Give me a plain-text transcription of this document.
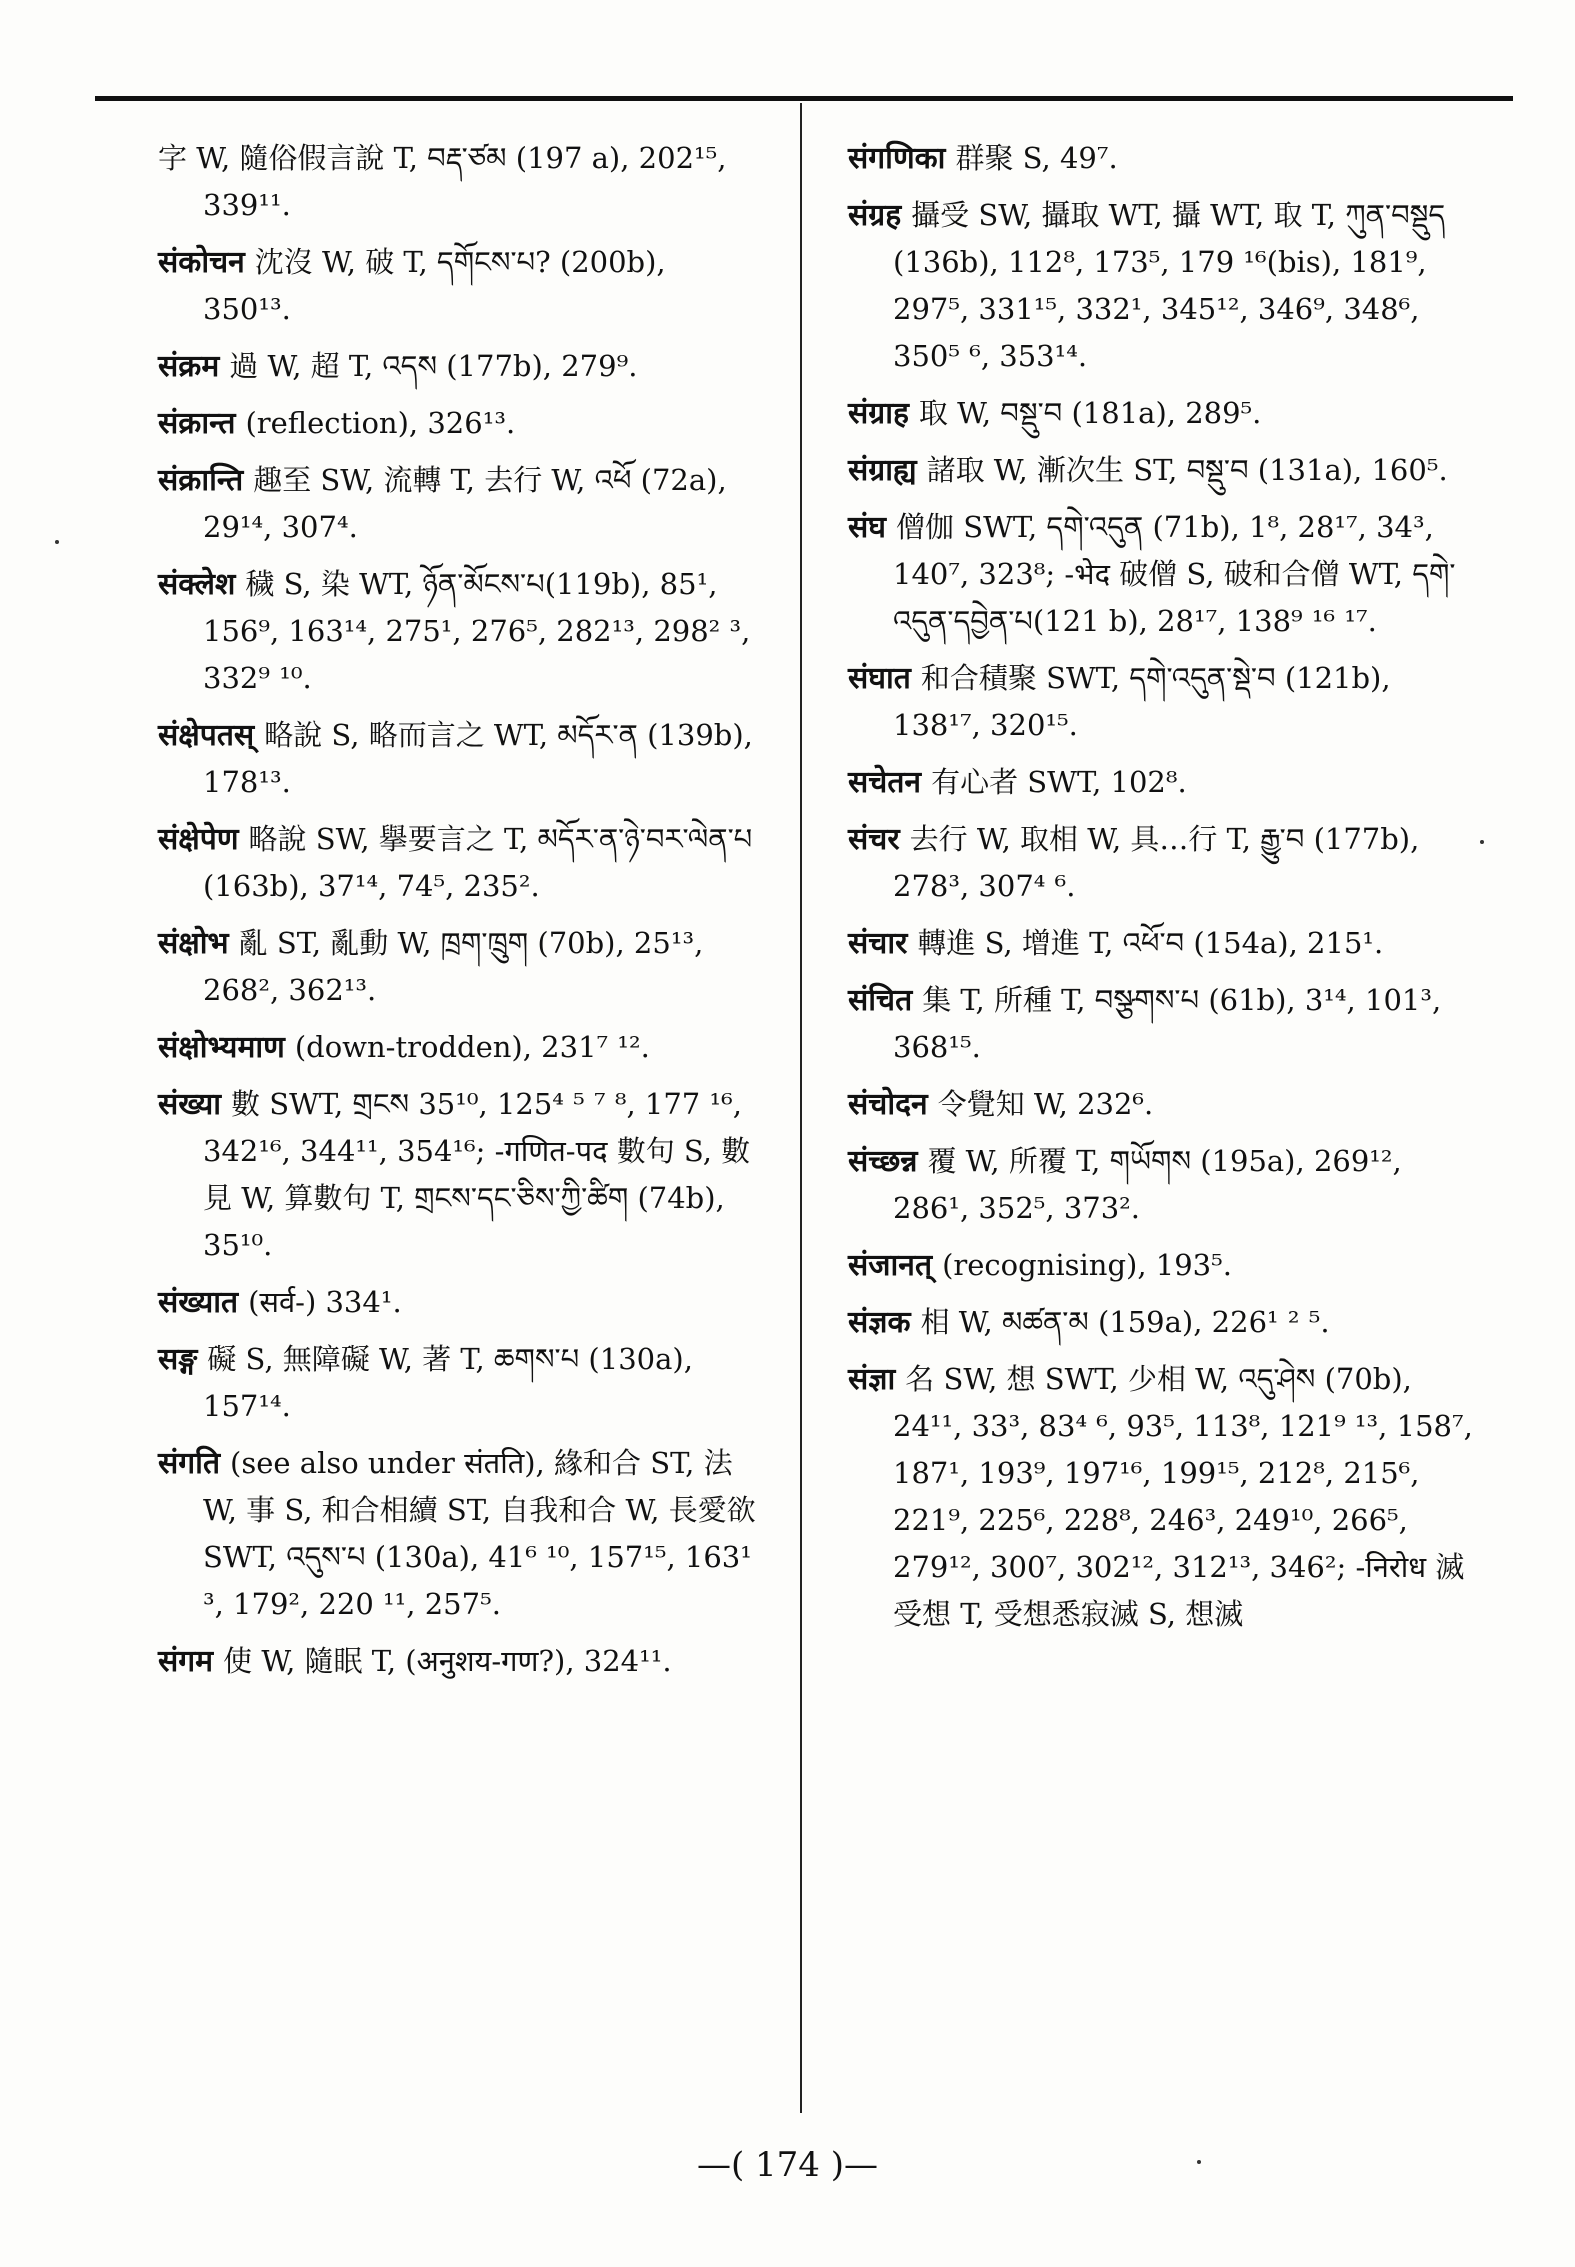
字 W, 隨俗假言說 T, བརྡ་ཙམ (197 a), 202¹⁵, 339¹¹.
संकोचन 沈沒 W, 破 T, དགོངས་པ? (200b), 350¹³.
संक्रम 過 W, 超 T, འདས (177b), 279⁹.
संक्रान्त (reflection), 326¹³.
संक्रान्ति 趣至 SW, 流轉 T, 去行 W, འཕོ (72a), 29¹⁴, 307⁴.
संक्लेश 穢 S, 染 WT, ཉོན་མོངས་པ(119b), 85¹, 156⁹, 163¹⁴, 275¹, 276⁵, 282¹³, 298² ³, 332⁹ ¹⁰.
संक्षेपतस् 略說 S, 略而言之 WT, མདོར་ན (139b), 178¹³.
संक्षेपेण 略說 SW, 擧要言之 T, མདོར་ན་ཉེ་བར་ལེན་པ (163b), 37¹⁴, 74⁵, 235².
संक्षोभ 亂 ST, 亂動 W, ཁྲག་ཁྲུག (70b), 25¹³, 268², 362¹³.
संक्षोभ्यमाण (down-trodden), 231⁷ ¹².
संख्या 數 SWT, གྲངས 35¹⁰, 125⁴ ⁵ ⁷ ⁸, 177 ¹⁶, 342¹⁶, 344¹¹, 354¹⁶; -गणित-पद 數句 S, 數見 W, 算數句 T, གྲངས་དང་ཅིས་ཀྱི་ཚིག (74b), 35¹⁰.
संख्यात (सर्व-) 334¹.
सङ्ग 礙 S, 無障礙 W, 著 T, ཆགས་པ (130a), 157¹⁴.
संगति (see also under संतति), 緣和合 ST, 法 W, 事 S, 和合相續 ST, 自我和合 W, 長愛欲 SWT, འདུས་པ (130a), 41⁶ ¹⁰, 157¹⁵, 163¹ ³, 179², 220 ¹¹, 257⁵.
संगम 使 W, 隨眠 T, (अनुशय-गण?), 324¹¹.
संगणिका 群聚 S, 49⁷.
संग्रह 攝受 SW, 攝取 WT, 攝 WT, 取 T, ཀུན་བསྡུད (136b), 112⁸, 173⁵, 179 ¹⁶(bis), 181⁹, 297⁵, 331¹⁵, 332¹, 345¹², 346⁹, 348⁶, 350⁵ ⁶, 353¹⁴.
संग्राह 取 W, བསྡུ་བ (181a), 289⁵.
संग्राह्य 諸取 W, 漸次生 ST, བསྡུ་བ (131a), 160⁵.
संघ 僧伽 SWT, དགེ་འདུན (71b), 1⁸, 28¹⁷, 34³, 140⁷, 323⁸; -भेद 破僧 S, 破和合僧 WT, དགེ་འདུན་དབྱེན་པ(121 b), 28¹⁷, 138⁹ ¹⁶ ¹⁷.
संघात 和合積聚 SWT, དགེ་འདུན་སྡེ་བ (121b), 138¹⁷, 320¹⁵.
सचेतन 有心者 SWT, 102⁸.
संचर 去行 W, 取相 W, 具…行 T, རྒྱུ་བ (177b), 278³, 307⁴ ⁶.
संचार 轉進 S, 增進 T, འཕོ་བ (154a), 215¹.
संचित 集 T, 所種 T, བསྩགས་པ (61b), 3¹⁴, 101³, 368¹⁵.
संचोदन 令覺知 W, 232⁶.
संच्छन्न 覆 W, 所覆 T, གཡོགས (195a), 269¹², 286¹, 352⁵, 373².
संजानत् (recognising), 193⁵.
संज्ञक 相 W, མཚན་མ (159a), 226¹ ² ⁵.
संज्ञा 名 SW, 想 SWT, 少相 W, འདུ་ཤེས (70b), 24¹¹, 33³, 83⁴ ⁶, 93⁵, 113⁸, 121⁹ ¹³, 158⁷, 187¹, 193⁹, 197¹⁶, 199¹⁵, 212⁸, 215⁶, 221⁹, 225⁶, 228⁸, 246³, 249¹⁰, 266⁵, 279¹², 300⁷, 302¹², 312¹³, 346²; -निरोध 滅受想 T, 受想悉寂滅 S, 想滅
—( 174 )—
